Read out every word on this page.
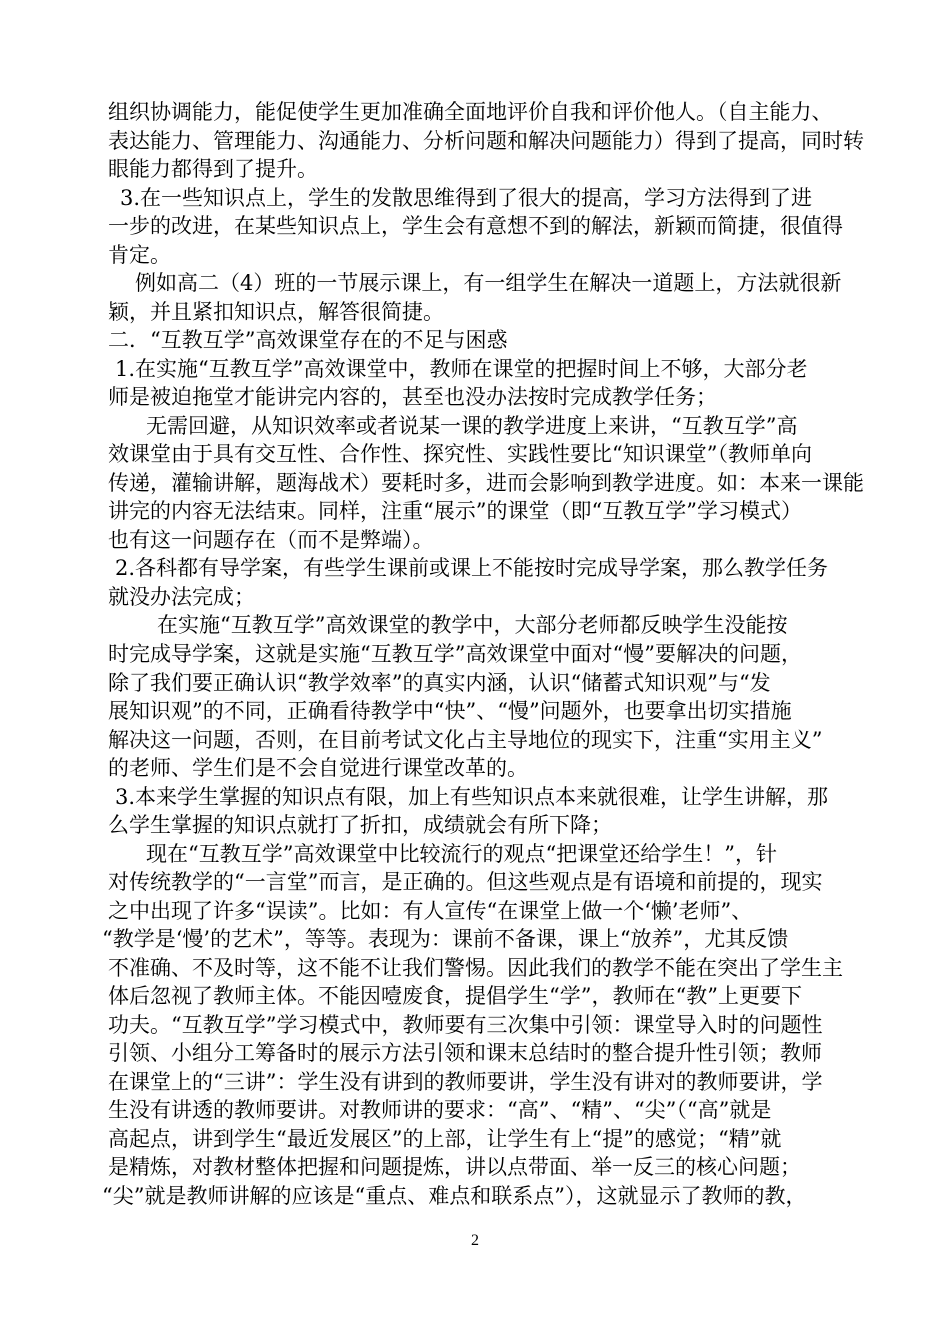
组织协调能力，能促使学生更加准确全面地评价自我和评价他人。（自主能力、
表达能力、管理能力、沟通能力、分析问题和解决问题能力）得到了提高，同时转
眼能力都得到了提升。
3.在一些知识点上，学生的发散思维得到了很大的提高，学习方法得到了进
一步的改进，在某些知识点上，学生会有意想不到的解法，新颖而简捷，很值得
肯定。
例如高二（4）班的一节展示课上，有一组学生在解决一道题上，方法就很新
颖，并且紧扣知识点，解答很简捷。
二．“互教互学”高效课堂存在的不足与困惑
1.在实施“互教互学”高效课堂中，教师在课堂的把握时间上不够，大部分老
师是被迫拖堂才能讲完内容的，甚至也没办法按时完成教学任务；
无需回避，从知识效率或者说某一课的教学进度上来讲，“互教互学”高
效课堂由于具有交互性、合作性、探究性、实践性要比“知识课堂”（教师单向
传递，灌输讲解，题海战术）要耗时多，进而会影响到教学进度。如：本来一课能
讲完的内容无法结束。同样，注重“展示”的课堂（即“互教互学”学习模式）
也有这一问题存在（而不是弊端）。
2.各科都有导学案，有些学生课前或课上不能按时完成导学案，那么教学任务
就没办法完成；
在实施“互教互学”高效课堂的教学中，大部分老师都反映学生没能按
时完成导学案，这就是实施“互教互学”高效课堂中面对“慢”要解决的问题，
除了我们要正确认识“教学效率”的真实内涵，认识“储蓄式知识观”与“发
展知识观”的不同，正确看待教学中“快”、“慢”问题外，也要拿出切实措施
解决这一问题，否则，在目前考试文化占主导地位的现实下，注重“实用主义”
的老师、学生们是不会自觉进行课堂改革的。
3.本来学生掌握的知识点有限，加上有些知识点本来就很难，让学生讲解，那
么学生掌握的知识点就打了折扣，成绩就会有所下降；
现在“互教互学”高效课堂中比较流行的观点“把课堂还给学生！”，针
对传统教学的“一言堂”而言，是正确的。但这些观点是有语境和前提的，现实
之中出现了许多“误读”。比如：有人宣传“在课堂上做一个‘懒’老师”、
“教学是‘慢’的艺术”，等等。表现为：课前不备课，课上“放养”，尤其反馈
不准确、不及时等，这不能不让我们警惕。因此我们的教学不能在突出了学生主
体后忽视了教师主体。不能因噎废食，提倡学生“学”，教师在“教”上更要下
功夫。“互教互学”学习模式中，教师要有三次集中引领：课堂导入时的问题性
引领、小组分工筹备时的展示方法引领和课末总结时的整合提升性引领；教师
在课堂上的“三讲”：学生没有讲到的教师要讲，学生没有讲对的教师要讲，学
生没有讲透的教师要讲。对教师讲的要求：“高”、“精”、“尖”（“高”就是
高起点，讲到学生“最近发展区”的上部，让学生有上“提”的感觉；“精”就
是精炼，对教材整体把握和问题提炼，讲以点带面、举一反三的核心问题；
“尖”就是教师讲解的应该是“重点、难点和联系点”），这就显示了教师的教，
2
